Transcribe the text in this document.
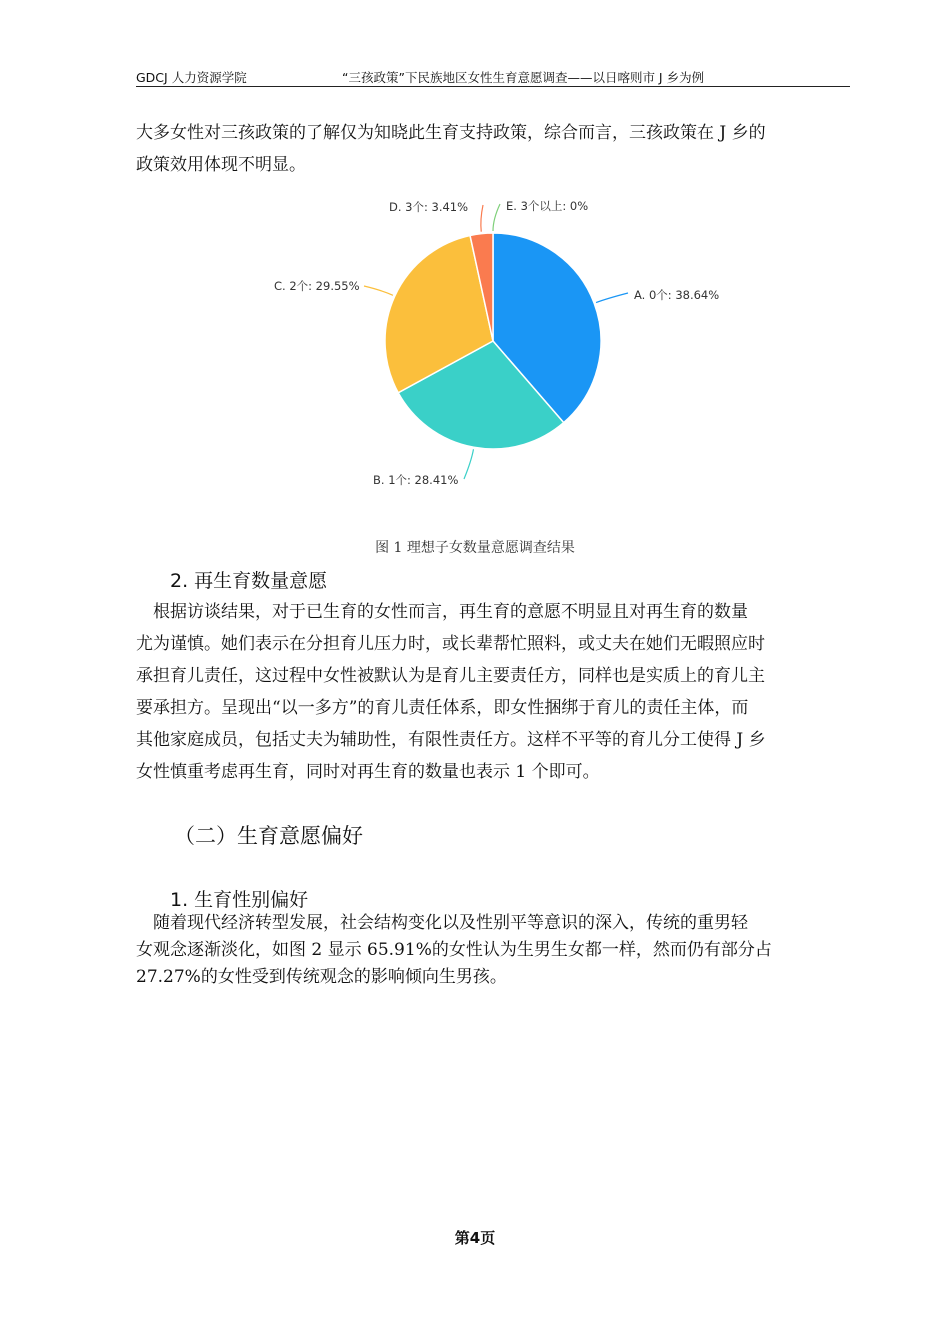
GDCJ 人力资源学院	“三孩政策”下民族地区女性生育意愿调查——以日喀则市 J 乡为例

大多女性对三孩政策的了解仅为知晓此生育支持政策，综合而言，三孩政策在 J 乡的
政策效用体现不明显。

A. 0个: 38.64%
B. 1个: 28.41%
C. 2个: 29.55%
D. 3个: 3.41%	E. 3个以上: 0%
图 1 理想子女数量意愿调查结果
2. 再生育数量意愿

　根据访谈结果，对于已生育的女性而言，再生育的意愿不明显且对再生育的数量
尤为谨慎。她们表示在分担育儿压力时，或长辈帮忙照料，或丈夫在她们无暇照应时
承担育儿责任，这过程中女性被默认为是育儿主要责任方，同样也是实质上的育儿主
要承担方。呈现出“以一多方”的育儿责任体系，即女性捆绑于育儿的责任主体，而
其他家庭成员，包括丈夫为辅助性，有限性责任方。这样不平等的育儿分工使得 J 乡
女性慎重考虑再生育，同时对再生育的数量也表示 1 个即可。

（二）生育意愿偏好
1. 生育性别偏好

　随着现代经济转型发展，社会结构变化以及性别平等意识的深入，传统的重男轻
女观念逐渐淡化，如图 2 显示 65.91%的女性认为生男生女都一样，然而仍有部分占
27.27%的女性受到传统观念的影响倾向生男孩。

第4页
